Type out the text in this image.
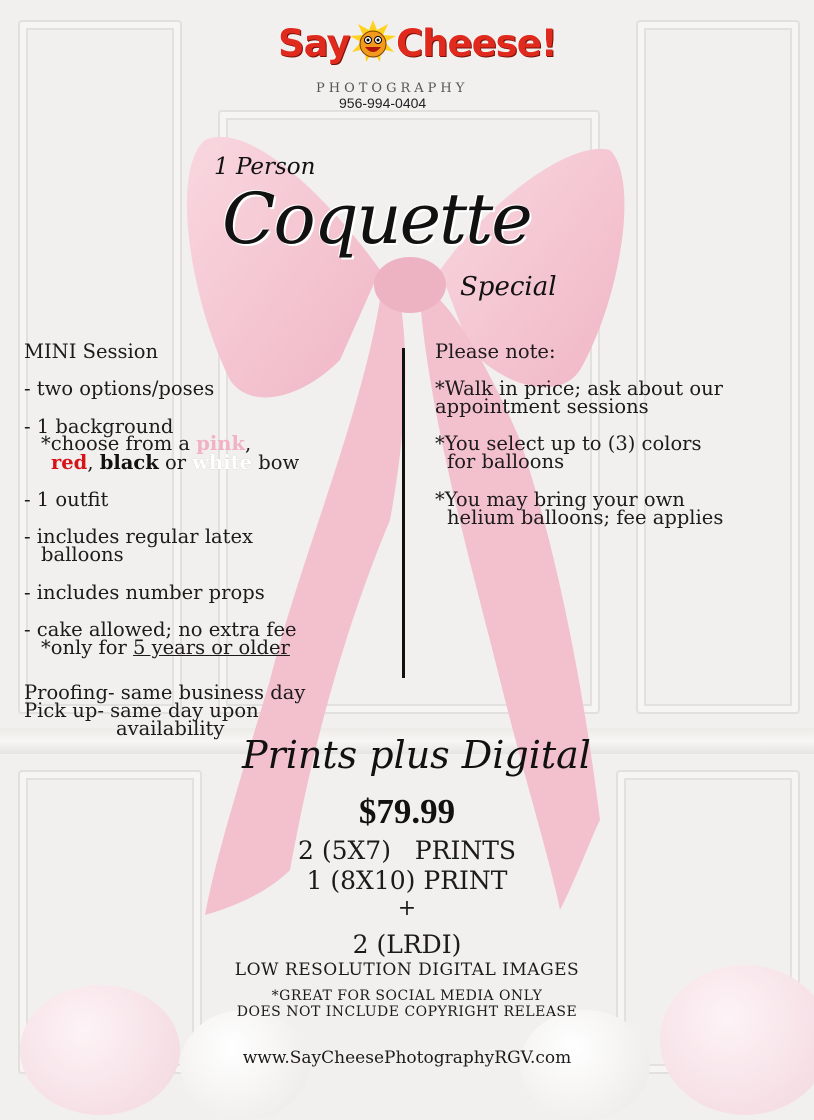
Say Cheese!
PHOTOGRAPHY
956-994-0404
1 Person
Coquette
Special
MINI Session
- two options/poses
- 1 background
*choose from a pink,
red, black or white bow
- 1 outfit
- includes regular latex
balloons
- includes number props
- cake allowed; no extra fee
*only for 5 years or older
Proofing- same business day
Pick up- same day upon
availability
Please note:
*Walk in price; ask about our
appointment sessions
*You select up to (3) colors
for balloons
*You may bring your own
helium balloons; fee applies
Prints plus Digital
$79.99
2 (5X7)   PRINTS
1 (8X10) PRINT
+
2 (LRDI)
LOW RESOLUTION DIGITAL IMAGES
*GREAT FOR SOCIAL MEDIA ONLY
DOES NOT INCLUDE COPYRIGHT RELEASE
www.SayCheesePhotographyRGV.com
